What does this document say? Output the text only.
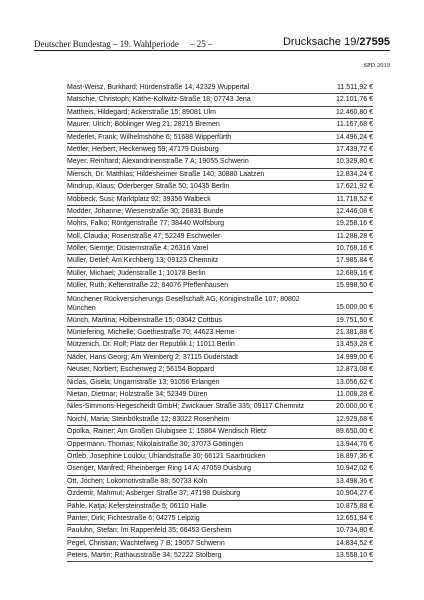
Deutscher Bundestag – 19. Wahlperiode – 25 –	Drucksache 19/27595
SPD 2019
Mast-Weisz, Burkhard; Hürdenstraße 14; 42329 Wuppertal	11.511,92 €
Matschie, Christoph; Käthe-Kollwitz-Straße 18; 07743 Jena	12.101,76 €
Mattheis, Hildegard; Ackerstraße 15; 89081 Ulm	12.460,80 €
Maurer, Ulrich; Böblinger Weg 21; 28215 Bremen	11.167,68 €
Mederlet, Frank; Wilhelmshöhe 6; 51688 Wipperfürth	14.496,24 €
Mettler, Herbert; Heckenweg 59; 47179 Duisburg	17.439,72 €
Meyer, Reinhard; Alexandrinenstraße 7 A; 19055 Schwerin	10.329,80 €
Miersch, Dr. Matthias; Hildesheimer Straße 140; 30880 Laatzen	12.834,24 €
Mindrup, Klaus; Oderberger Straße 50; 10435 Berlin	17.621,92 €
Möbbeck, Susi; Marktplatz 92; 39356 Walbeck	11.718,52 €
Modder, Johanne; Wiesenstraße 30; 26831 Bunde	12.446,08 €
Mohrs, Falko; Röntgenstraße 77; 38440 Wolfsburg	19.258,16 €
Moll, Claudia; Rosenstraße 47; 52249 Eschweiler	11.288,28 €
Möller, Siemtje; Düsternstraße 4; 26316 Varel	10.768,16 €
Müller, Detlef; Am Kirchberg 13; 09123 Chemnitz	17.985,84 €
Müller, Michael; Jüdenstraße 1; 10178 Berlin	12.689,16 €
Müller, Ruth; Keltenstraße 22; 84076 Pfeffenhausen	15.998,50 €
Münchener Rückversicherungs Gesellschaft AG; Königinstraße 107; 80802 München	15.000,00 €
Münch, Martina; Holbeinstraße 15; 03042 Cottbus	19.751,50 €
Müntefering, Michelle; Goethestraße 70; 44623 Herne	21.381,88 €
Mützenich, Dr. Rolf; Platz der Republik 1; 11011 Berlin	13.453,28 €
Näder, Hans Georg; Am Weinberg 2; 37115 Duderstadt	14.999,00 €
Neuser, Norbert; Eschenweg 2; 56154 Boppard	12.873,08 €
Niclas, Gisela; Ungarnstraße 13; 91056 Erlangen	13.056,62 €
Nietan, Dietmar; Holzstraße 34; 52349 Düren	11.008,28 €
Niles-Simmons-Hegescheidt GmbH; Zwickauer Straße 335; 09117 Chemnitz	20.000,00 €
Noichl, Maria; Steinbökstraße 12; 83022 Rosenheim	12.929,68 €
Opolka, Rainer; Am Großen Glubigsee 1; 15864 Wendisch Rietz	89.650,00 €
Oppermann, Thomas; Nikolaistraße 30; 37073 Göttingen	13.944,76 €
Ortleb, Josephine Loulou; Uhlandstraße 30; 66121 Saarbrücken	18.897,36 €
Osenger, Manfred; Rheinberger Ring 14 A; 47059 Duisburg	10.942,02 €
Ott, Jochen; Lokomotivstraße 88; 50733 Köln	13.498,36 €
Özdemir, Mahmut; Asberger Straße 37; 47198 Duisburg	10.904,27 €
Pähle, Katja; Kefersteinstraße 5; 06110 Halle	10.875,88 €
Panter, Dirk; Fichtestraße 6; 04275 Leipzig	12.651,84 €
Pauluhn, Stefan; Im Rappenfeld 35; 66453 Gersheim	10.734,80 €
Pegel, Christian; Wachtelweg 7 B; 19057 Schwerin	14.834,52 €
Peters, Martin; Rathausstraße 34; 52222 Stolberg	13.558,10 €
